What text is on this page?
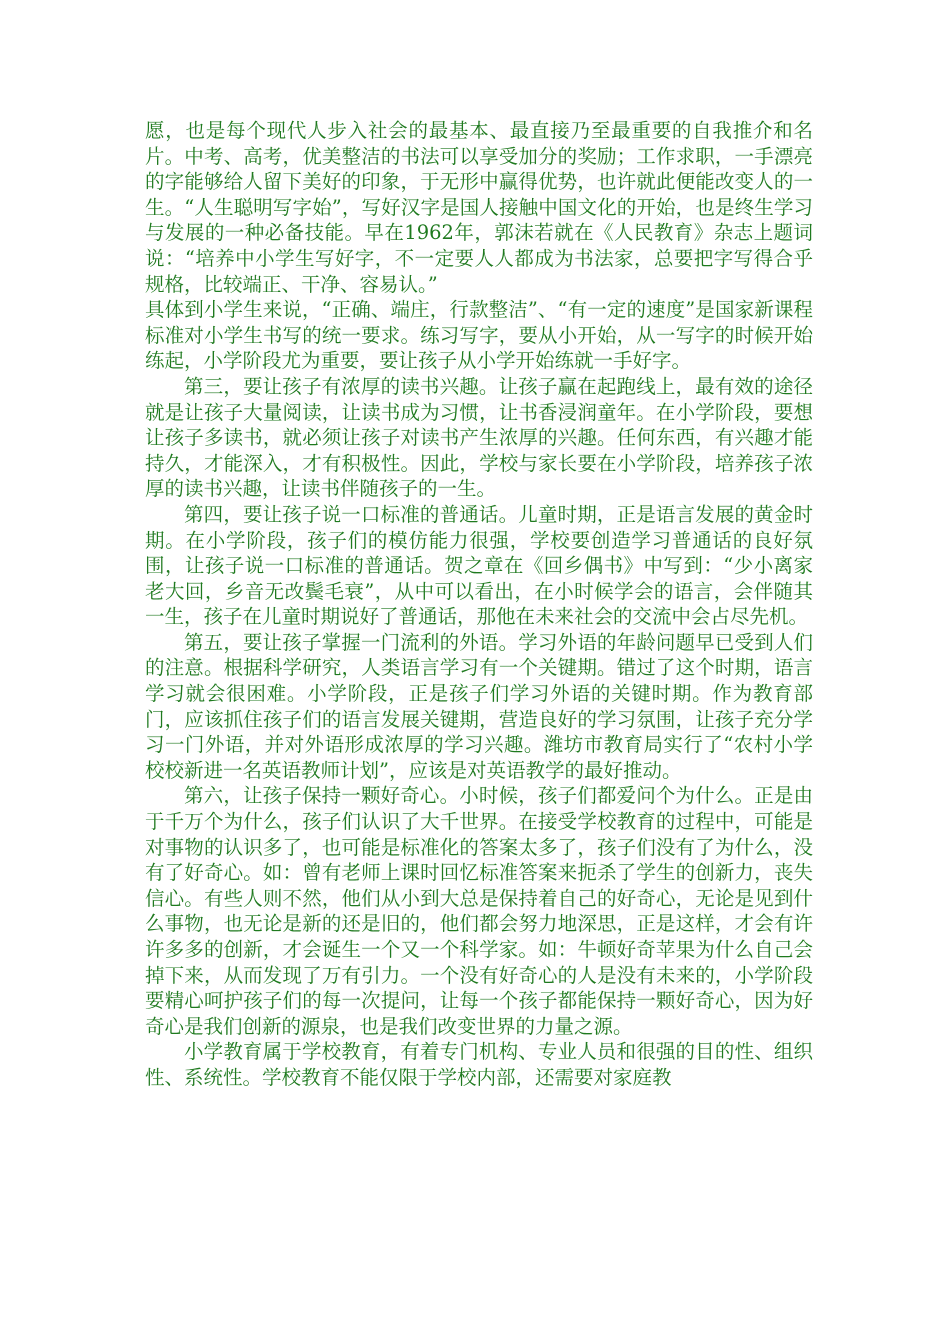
愿，也是每个现代人步入社会的最基本、最直接乃至最重要的自我推介和名片。中考、高考，优美整洁的书法可以享受加分的奖励；工作求职，一手漂亮的字能够给人留下美好的印象，于无形中赢得优势，也许就此便能改变人的一生。“人生聪明写字始”，写好汉字是国人接触中国文化的开始，也是终生学习与发展的一种必备技能。早在1962年，郭沫若就在《人民教育》杂志上题词说：“培养中小学生写好字，不一定要人人都成为书法家，总要把字写得合乎规格，比较端正、干净、容易认。”

具体到小学生来说，“正确、端庄，行款整洁”、“有一定的速度”是国家新课程标准对小学生书写的统一要求。练习写字，要从小开始，从一写字的时候开始练起，小学阶段尤为重要，要让孩子从小学开始练就一手好字。

第三，要让孩子有浓厚的读书兴趣。让孩子赢在起跑线上，最有效的途径就是让孩子大量阅读，让读书成为习惯，让书香浸润童年。在小学阶段，要想让孩子多读书，就必须让孩子对读书产生浓厚的兴趣。任何东西，有兴趣才能持久，才能深入，才有积极性。因此，学校与家长要在小学阶段，培养孩子浓厚的读书兴趣，让读书伴随孩子的一生。

第四，要让孩子说一口标准的普通话。儿童时期，正是语言发展的黄金时期。在小学阶段，孩子们的模仿能力很强，学校要创造学习普通话的良好氛围，让孩子说一口标准的普通话。贺之章在《回乡偶书》中写到：“少小离家老大回，乡音无改鬓毛衰”，从中可以看出，在小时候学会的语言，会伴随其一生，孩子在儿童时期说好了普通话，那他在未来社会的交流中会占尽先机。

第五，要让孩子掌握一门流利的外语。学习外语的年龄问题早已受到人们的注意。根据科学研究，人类语言学习有一个关键期。错过了这个时期，语言学习就会很困难。小学阶段，正是孩子们学习外语的关键时期。作为教育部门，应该抓住孩子们的语言发展关键期，营造良好的学习氛围，让孩子充分学习一门外语，并对外语形成浓厚的学习兴趣。潍坊市教育局实行了“农村小学校校新进一名英语教师计划”，应该是对英语教学的最好推动。

第六，让孩子保持一颗好奇心。小时候，孩子们都爱问个为什么。正是由于千万个为什么，孩子们认识了大千世界。在接受学校教育的过程中，可能是对事物的认识多了，也可能是标准化的答案太多了，孩子们没有了为什么，没有了好奇心。如：曾有老师上课时回忆标准答案来扼杀了学生的创新力，丧失信心。有些人则不然，他们从小到大总是保持着自己的好奇心，无论是见到什么事物，也无论是新的还是旧的，他们都会努力地深思，正是这样，才会有许许多多的创新，才会诞生一个又一个科学家。如：牛顿好奇苹果为什么自己会掉下来，从而发现了万有引力。一个没有好奇心的人是没有未来的，小学阶段要精心呵护孩子们的每一次提问，让每一个孩子都能保持一颗好奇心，因为好奇心是我们创新的源泉，也是我们改变世界的力量之源。

小学教育属于学校教育，有着专门机构、专业人员和很强的目的性、组织性、系统性。学校教育不能仅限于学校内部，还需要对家庭教
